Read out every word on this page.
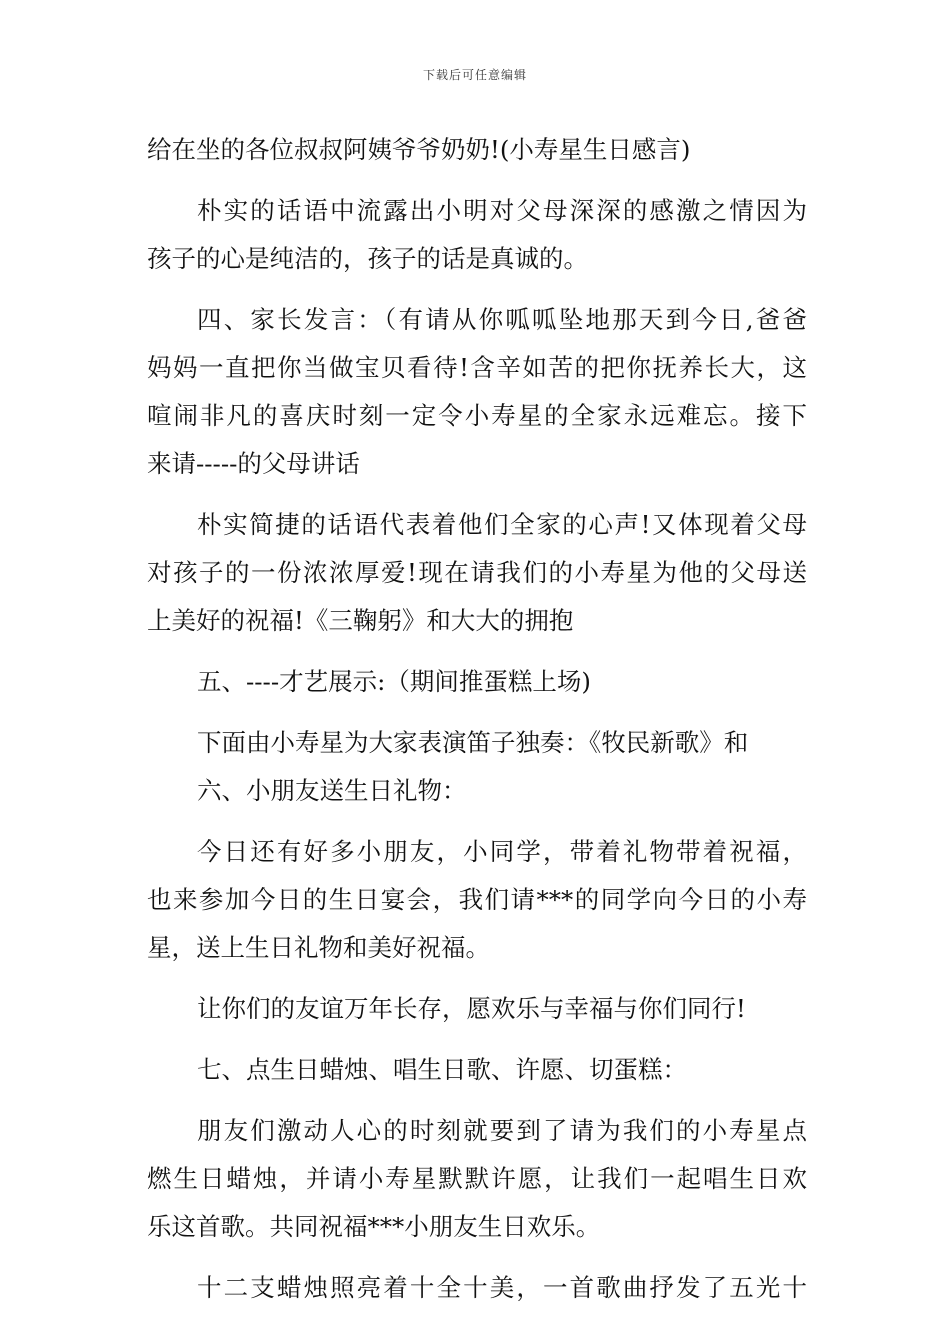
下载后可任意编辑
给在坐的各位叔叔阿姨爷爷奶奶!(小寿星生日感言)
朴实的话语中流露出小明对父母深深的感激之情因为
孩子的心是纯洁的，孩子的话是真诚的。
四、家长发言：（有请从你呱呱坠地那天到今日,爸爸
妈妈一直把你当做宝贝看待!含辛如苦的把你抚养长大，这
喧闹非凡的喜庆时刻一定令小寿星的全家永远难忘。接下
来请-----的父母讲话
朴实简捷的话语代表着他们全家的心声!又体现着父母
对孩子的一份浓浓厚爱!现在请我们的小寿星为他的父母送
上美好的祝福!《三鞠躬》和大大的拥抱
五、----才艺展示:（期间推蛋糕上场)
下面由小寿星为大家表演笛子独奏：《牧民新歌》和
六、小朋友送生日礼物：
今日还有好多小朋友，小同学，带着礼物带着祝福，
也来参加今日的生日宴会，我们请***的同学向今日的小寿
星，送上生日礼物和美好祝福。
让你们的友谊万年长存，愿欢乐与幸福与你们同行!
七、点生日蜡烛、唱生日歌、许愿、切蛋糕：
朋友们激动人心的时刻就要到了请为我们的小寿星点
燃生日蜡烛，并请小寿星默默许愿，让我们一起唱生日欢
乐这首歌。共同祝福***小朋友生日欢乐。
十二支蜡烛照亮着十全十美，一首歌曲抒发了五光十
